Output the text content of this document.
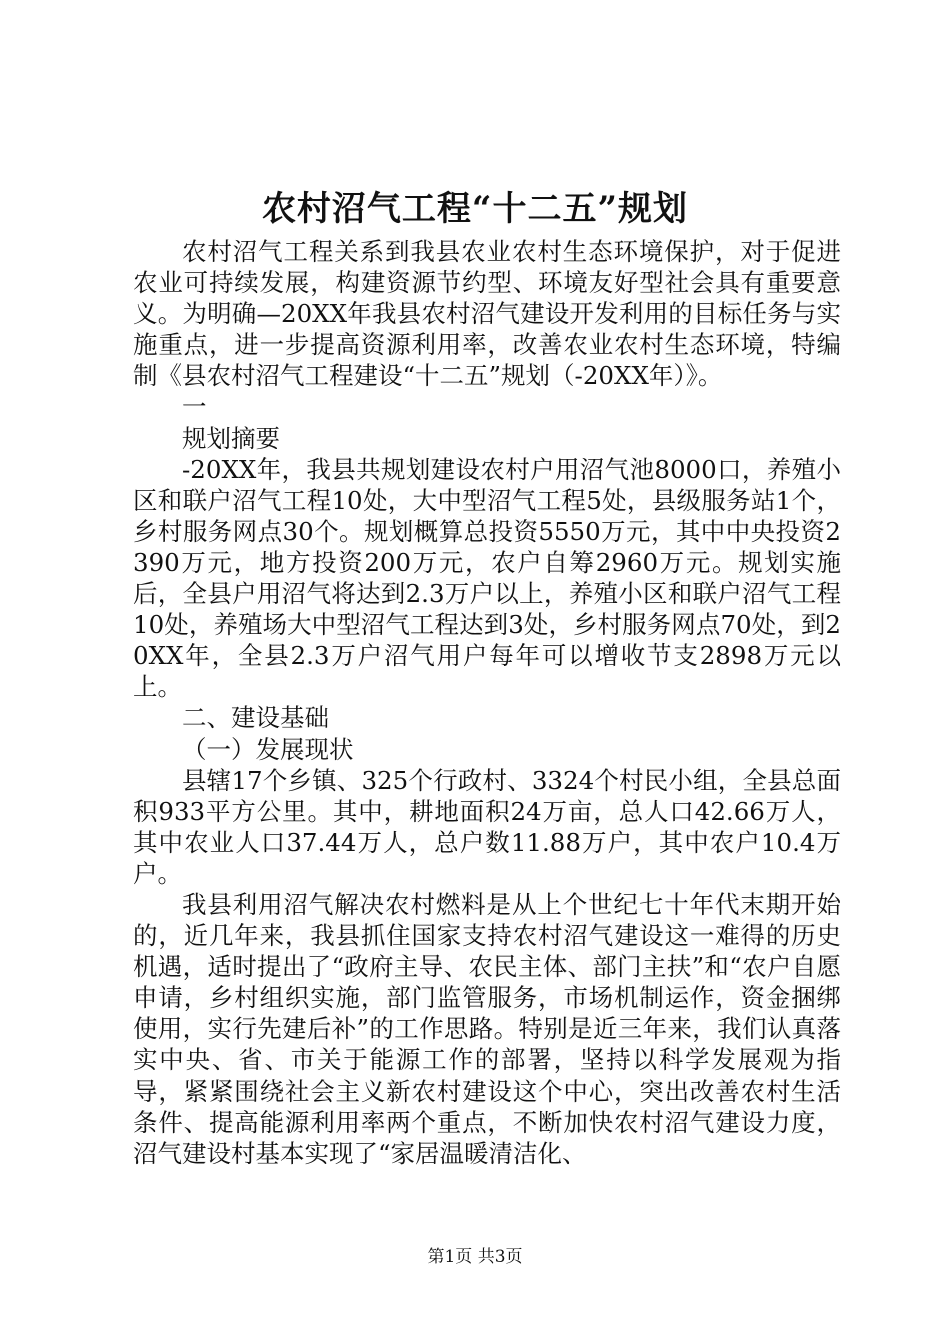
农村沼气工程“十二五”规划

农村沼气工程关系到我县农业农村生态环境保护，对于促进农业可持续发展，构建资源节约型、环境友好型社会具有重要意义。为明确—20XX年我县农村沼气建设开发利用的目标任务与实施重点，进一步提高资源利用率，改善农业农村生态环境，特编制《县农村沼气工程建设“十二五”规划（-20XX年）》。

一

规划摘要

-20XX年，我县共规划建设农村户用沼气池8000口，养殖小区和联户沼气工程10处，大中型沼气工程5处，县级服务站1个，乡村服务网点30个。规划概算总投资5550万元，其中中央投资2390万元，地方投资200万元，农户自筹2960万元。规划实施后，全县户用沼气将达到2.3万户以上，养殖小区和联户沼气工程10处，养殖场大中型沼气工程达到3处，乡村服务网点70处，到20XX年，全县2.3万户沼气用户每年可以增收节支2898万元以上。

二、建设基础

（一）发展现状

县辖17个乡镇、325个行政村、3324个村民小组，全县总面积933平方公里。其中，耕地面积24万亩，总人口42.66万人，其中农业人口37.44万人，总户数11.88万户，其中农户10.4万户。

我县利用沼气解决农村燃料是从上个世纪七十年代末期开始的，近几年来，我县抓住国家支持农村沼气建设这一难得的历史机遇，适时提出了“政府主导、农民主体、部门主扶”和“农户自愿申请，乡村组织实施，部门监管服务，市场机制运作，资金捆绑使用，实行先建后补”的工作思路。特别是近三年来，我们认真落实中央、省、市关于能源工作的部署，坚持以科学发展观为指导，紧紧围绕社会主义新农村建设这个中心，突出改善农村生活条件、提高能源利用率两个重点，不断加快农村沼气建设力度，沼气建设村基本实现了“家居温暖清洁化、

第1页 共3页
